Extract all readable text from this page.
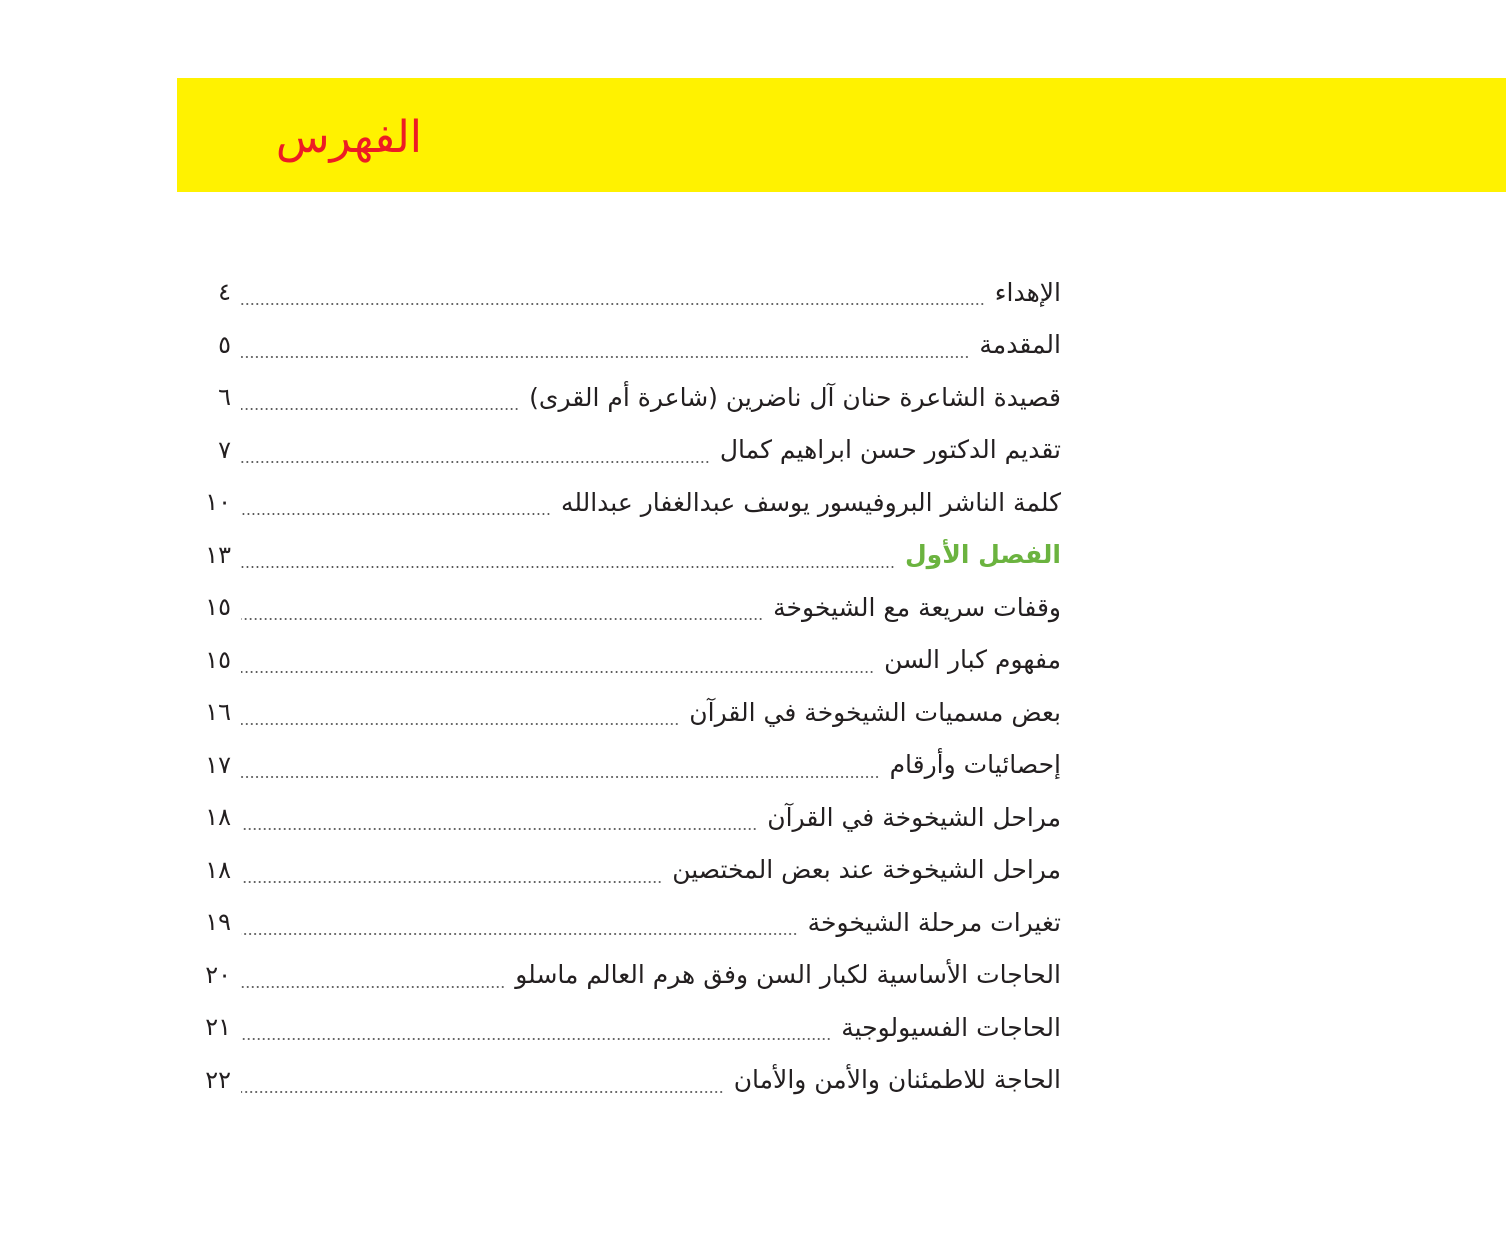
الفهرس
الإهداء
٤
المقدمة
٥
قصيدة الشاعرة حنان آل ناضرين (شاعرة أم القرى)
٦
تقديم الدكتور حسن ابراهيم كمال
٧
كلمة الناشر البروفيسور يوسف عبدالغفار عبدالله
١٠
الفصل الأول
١٣
وقفات سريعة مع الشيخوخة
١٥
مفهوم كبار السن
١٥
بعض مسميات الشيخوخة في القرآن
١٦
إحصائيات وأرقام
١٧
مراحل الشيخوخة في القرآن
١٨
مراحل الشيخوخة عند بعض المختصين
١٨
تغيرات مرحلة الشيخوخة
١٩
الحاجات الأساسية لكبار السن وفق هرم العالم ماسلو
٢٠
الحاجات الفسيولوجية
٢١
الحاجة للاطمئنان والأمن والأمان
٢٢
